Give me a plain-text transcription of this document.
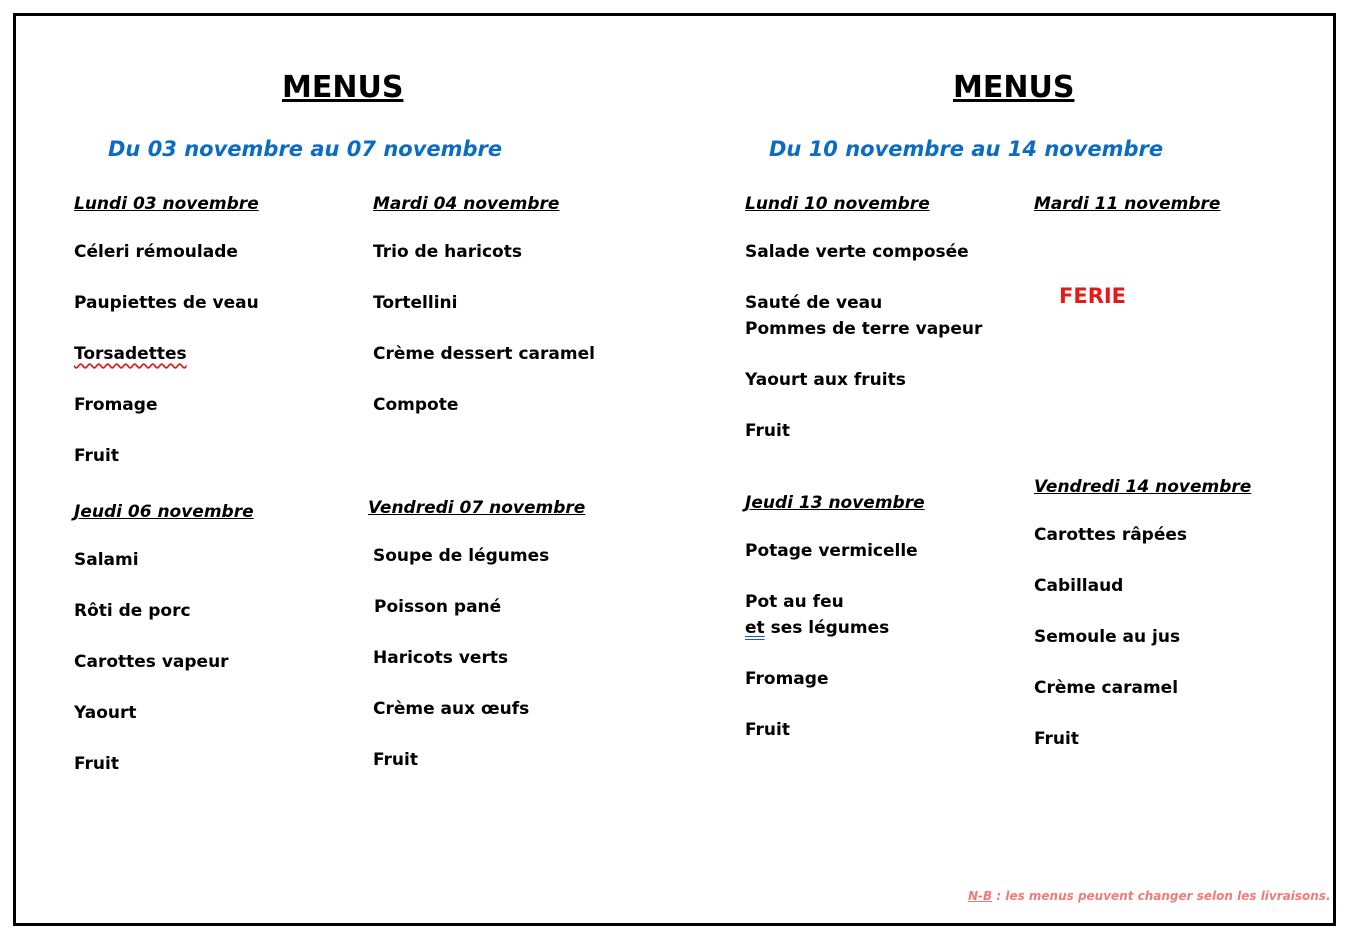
MENUS
Du 03 novembre au 07 novembre

Lundi 03 novembre

Céleri rémoulade

Paupiettes de veau

Torsadettes

Fromage

Fruit

Mardi 04 novembre

Trio de haricots

Tortellini

Crème dessert caramel

Compote

Jeudi 06 novembre

Salami

Rôti de porc

Carottes vapeur

Yaourt

Fruit

Vendredi 07 novembre

Soupe de légumes

Poisson pané

Haricots verts

Crème aux œufs

Fruit

MENUS
Du 10 novembre au 14 novembre

Lundi 10 novembre

Salade verte composée

Sauté de veau

Pommes de terre vapeur

Yaourt aux fruits

Fruit

Mardi 11 novembre

FERIE

Jeudi 13 novembre

Potage vermicelle

Pot au feu

et ses légumes

Fromage

Fruit

Vendredi 14 novembre

Carottes râpées

Cabillaud

Semoule au jus

Crème caramel

Fruit

N-B : les menus peuvent changer selon les livraisons.
